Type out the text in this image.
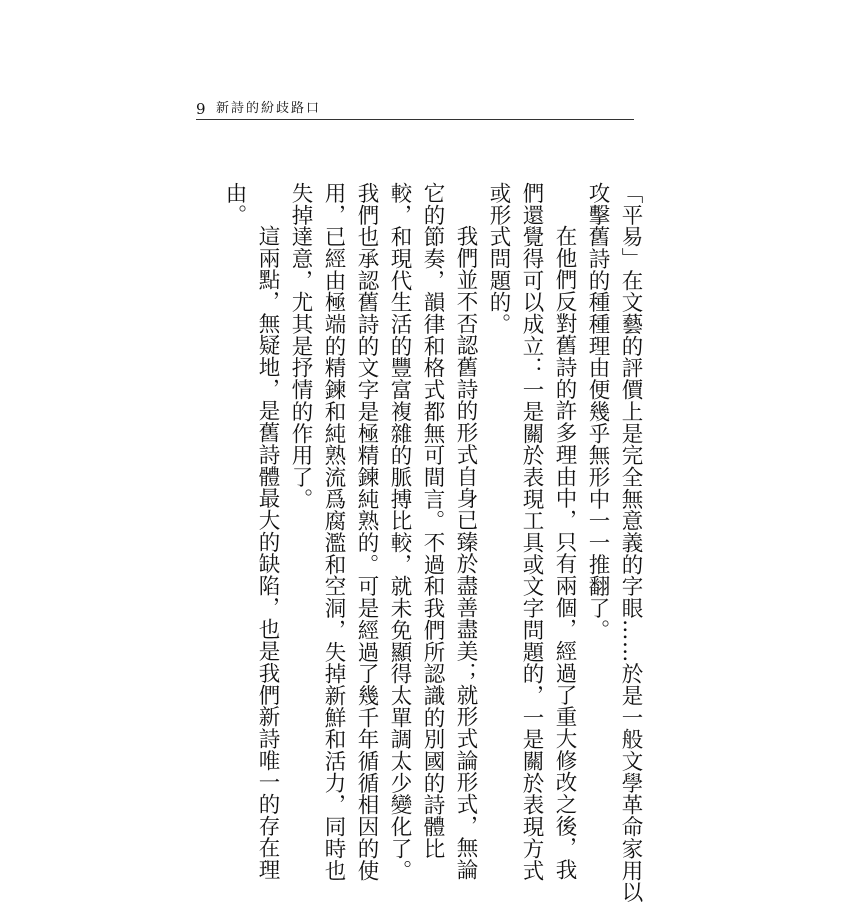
9 新詩的紛歧路口
「平易」在文藝的評價上是完全無意義的字眼……於是一般文學革命家用以
攻擊舊詩的種種理由便幾乎無形中一一推翻了。
在他們反對舊詩的許多理由中，只有兩個，經過了重大修改之後，我
們還覺得可以成立：一是關於表現工具或文字問題的，一是關於表現方式
或形式問題的。
我們並不否認舊詩的形式自身已臻於盡善盡美；就形式論形式，無論
它的節奏，韻律和格式都無可間言。不過和我們所認識的別國的詩體比
較，和現代生活的豐富複雜的脈搏比較，就未免顯得太單調太少變化了。
我們也承認舊詩的文字是極精鍊純熟的。可是經過了幾千年循循相因的使
用，已經由極端的精鍊和純熟流爲腐濫和空洞，失掉新鮮和活力，同時也
失掉達意，尤其是抒情的作用了。
這兩點，無疑地，是舊詩體最大的缺陷，也是我們新詩唯一的存在理
由。
